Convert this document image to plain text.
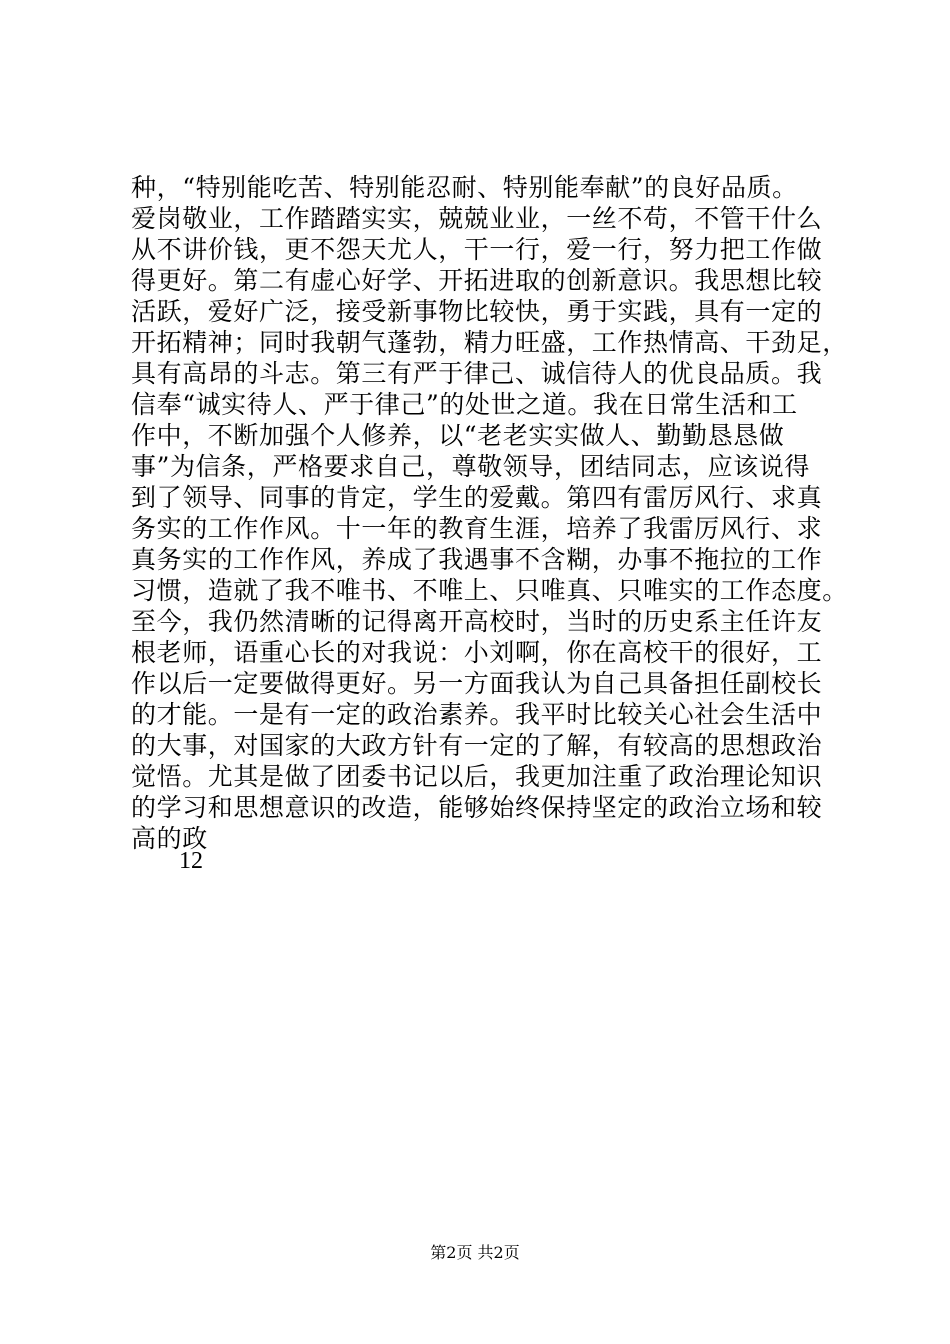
种，“特别能吃苦、特别能忍耐、特别能奉献”的良好品质。
爱岗敬业，工作踏踏实实，兢兢业业，一丝不苟，不管干什么
从不讲价钱，更不怨天尤人，干一行，爱一行，努力把工作做
得更好。第二有虚心好学、开拓进取的创新意识。我思想比较
活跃，爱好广泛，接受新事物比较快，勇于实践，具有一定的
开拓精神；同时我朝气蓬勃，精力旺盛，工作热情高、干劲足，
具有高昂的斗志。第三有严于律己、诚信待人的优良品质。我
信奉“诚实待人、严于律己”的处世之道。我在日常生活和工
作中，不断加强个人修养，以“老老实实做人、勤勤恳恳做
事”为信条，严格要求自己，尊敬领导，团结同志，应该说得
到了领导、同事的肯定，学生的爱戴。第四有雷厉风行、求真
务实的工作作风。十一年的教育生涯，培养了我雷厉风行、求
真务实的工作作风，养成了我遇事不含糊，办事不拖拉的工作
习惯，造就了我不唯书、不唯上、只唯真、只唯实的工作态度。
至今，我仍然清晰的记得离开高校时，当时的历史系主任许友
根老师，语重心长的对我说：小刘啊，你在高校干的很好，工
作以后一定要做得更好。另一方面我认为自己具备担任副校长
的才能。一是有一定的政治素养。我平时比较关心社会生活中
的大事，对国家的大政方针有一定的了解，有较高的思想政治
觉悟。尤其是做了团委书记以后，我更加注重了政治理论知识
的学习和思想意识的改造，能够始终保持坚定的政治立场和较
高的政
12
第2页 共2页
